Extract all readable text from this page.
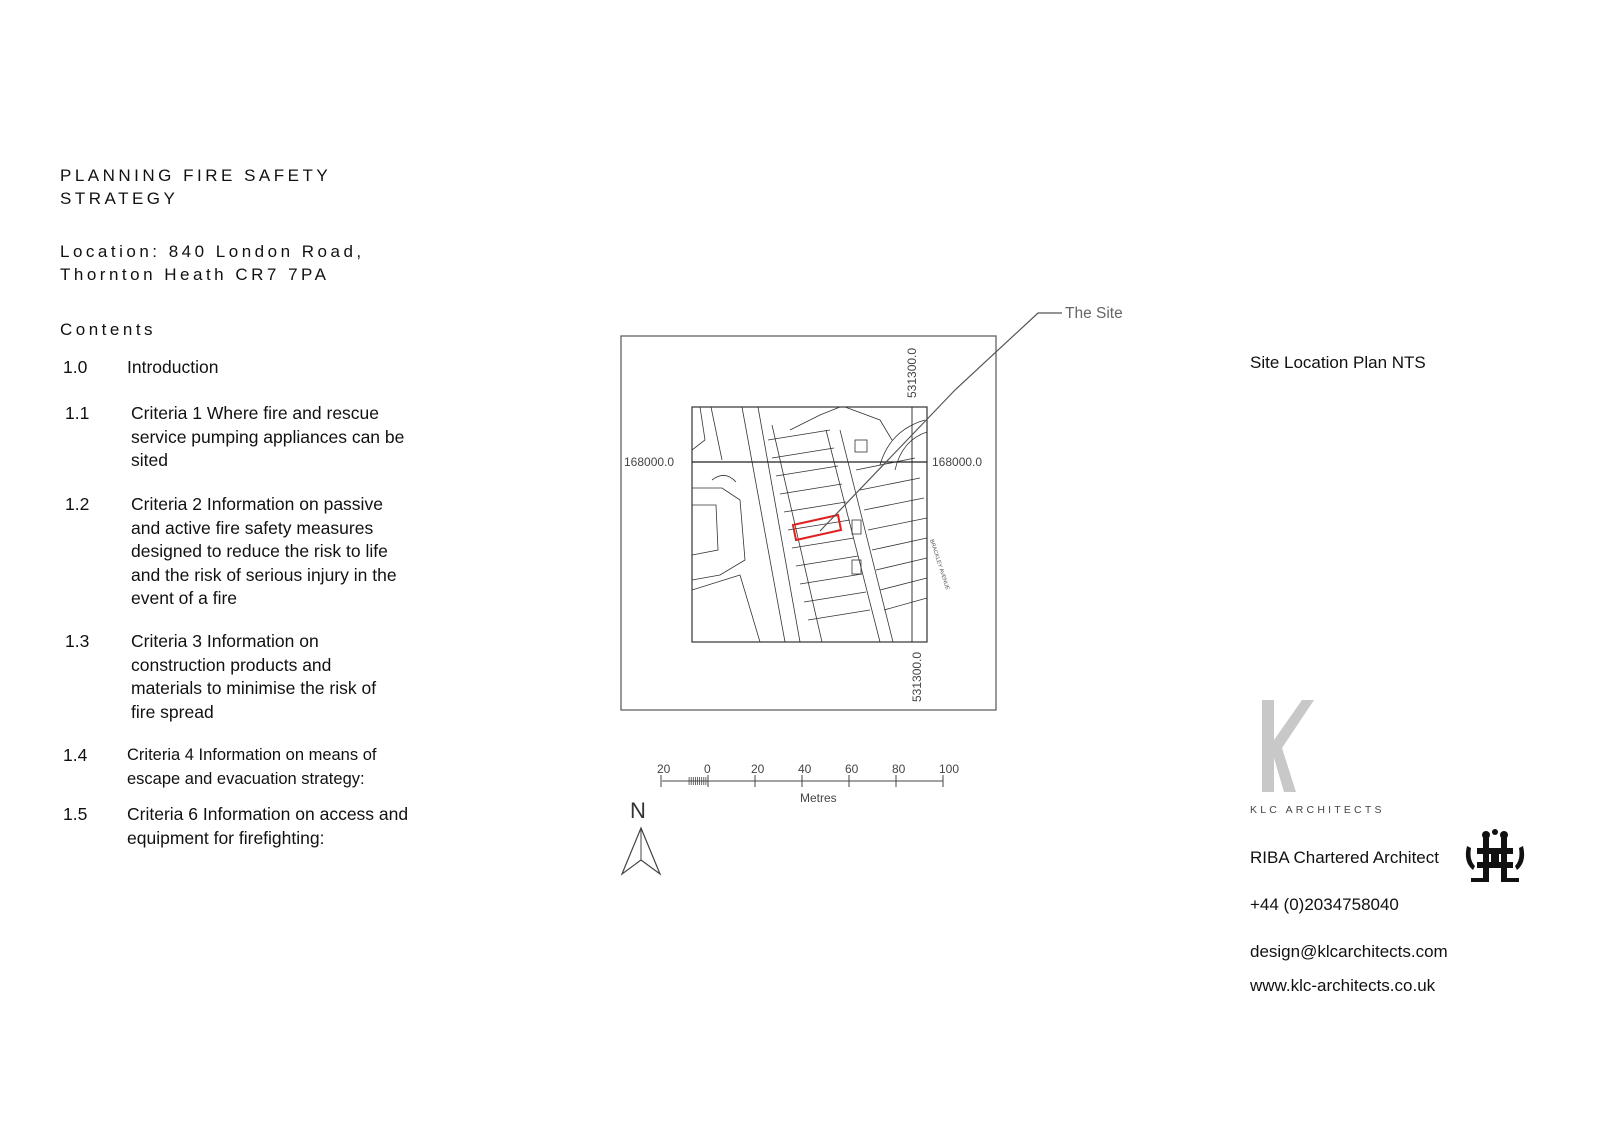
PLANNING FIRE SAFETY STRATEGY
Location: 840 London Road, Thornton Heath CR7 7PA
Contents
1.0 Introduction
1.1 Criteria 1 Where fire and rescue service pumping appliances can be sited
1.2 Criteria 2 Information on passive and active fire safety measures designed to reduce the risk to life and the risk of serious injury in the event of a fire
1.3 Criteria 3 Information on construction products and materials to minimise the risk of fire spread
1.4 Criteria 4 Information on means of escape and evacuation strategy:
1.5 Criteria 6 Information on access and equipment for firefighting:
The Site
168000.0	168000.0
531300.0
531300.0
BRACKLEY AVENUE
20	0	20	40	60	80	100
Metres
N
Site Location Plan NTS
KLC ARCHITECTS
RIBA Chartered Architect
+44 (0)2034758040
design@klcarchitects.com
www.klc-architects.co.uk
